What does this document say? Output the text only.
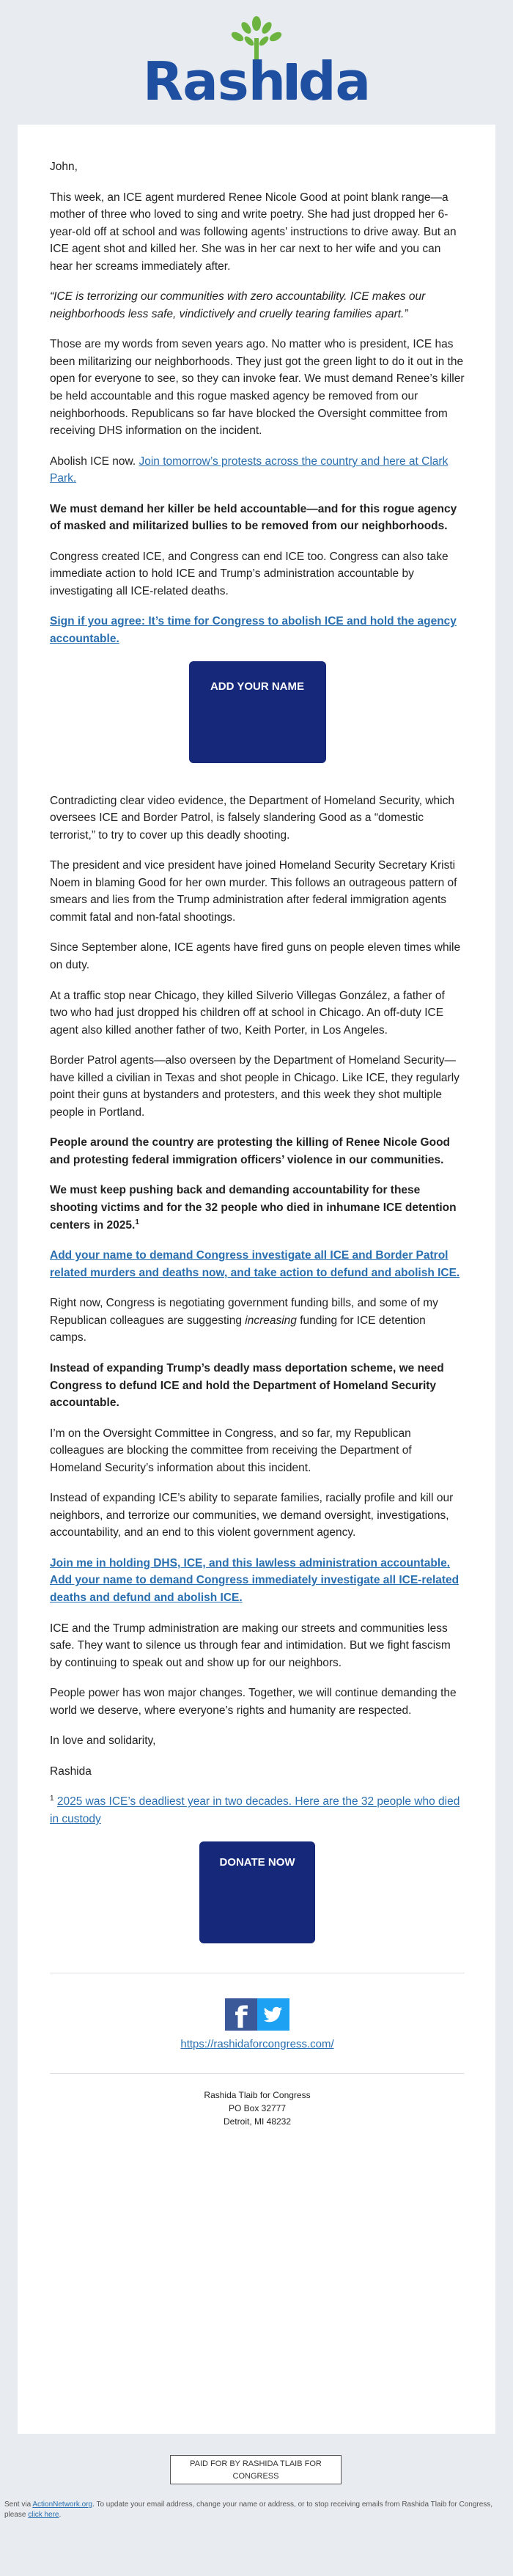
Rash da

John,

This week, an ICE agent murdered Renee Nicole Good at point blank range—a mother of three who loved to sing and write poetry. She had just dropped her 6-year-old off at school and was following agents' instructions to drive away. But an ICE agent shot and killed her. She was in her car next to her wife and you can hear her screams immediately after.

“ICE is terrorizing our communities with zero accountability. ICE makes our neighborhoods less safe, vindictively and cruelly tearing families apart.”

Those are my words from seven years ago. No matter who is president, ICE has been militarizing our neighborhoods. They just got the green light to do it out in the open for everyone to see, so they can invoke fear. We must demand Renee’s killer be held accountable and this rogue masked agency be removed from our neighborhoods. Republicans so far have blocked the Oversight committee from receiving DHS information on the incident.

Abolish ICE now. Join tomorrow’s protests across the country and here at Clark Park.

We must demand her killer be held accountable—and for this rogue agency of masked and militarized bullies to be removed from our neighborhoods.

Congress created ICE, and Congress can end ICE too. Congress can also take immediate action to hold ICE and Trump’s administration accountable by investigating all ICE-related deaths.

Sign if you agree: It’s time for Congress to abolish ICE and hold the agency accountable.

ADD YOUR NAME

Contradicting clear video evidence, the Department of Homeland Security, which oversees ICE and Border Patrol, is falsely slandering Good as a “domestic terrorist,” to try to cover up this deadly shooting.

The president and vice president have joined Homeland Security Secretary Kristi Noem in blaming Good for her own murder. This follows an outrageous pattern of smears and lies from the Trump administration after federal immigration agents commit fatal and non-fatal shootings.

Since September alone, ICE agents have fired guns on people eleven times while on duty.

At a traffic stop near Chicago, they killed Silverio Villegas González, a father of two who had just dropped his children off at school in Chicago. An off-duty ICE agent also killed another father of two, Keith Porter, in Los Angeles.

Border Patrol agents—also overseen by the Department of Homeland Security—have killed a civilian in Texas and shot people in Chicago. Like ICE, they regularly point their guns at bystanders and protesters, and this week they shot multiple people in Portland.

People around the country are protesting the killing of Renee Nicole Good and protesting federal immigration officers’ violence in our communities.

We must keep pushing back and demanding accountability for these shooting victims and for the 32 people who died in inhumane ICE detention centers in 2025.$^1$

Add your name to demand Congress investigate all ICE and Border Patrol related murders and deaths now, and take action to defund and abolish ICE.

Right now, Congress is negotiating government funding bills, and some of my Republican colleagues are suggesting increasing funding for ICE detention camps.

Instead of expanding Trump’s deadly mass deportation scheme, we need Congress to defund ICE and hold the Department of Homeland Security accountable.

I’m on the Oversight Committee in Congress, and so far, my Republican colleagues are blocking the committee from receiving the Department of Homeland Security’s information about this incident.

Instead of expanding ICE’s ability to separate families, racially profile and kill our neighbors, and terrorize our communities, we demand oversight, investigations, accountability, and an end to this violent government agency.

Join me in holding DHS, ICE, and this lawless administration accountable. Add your name to demand Congress immediately investigate all ICE-related deaths and defund and abolish ICE.

ICE and the Trump administration are making our streets and communities less safe. They want to silence us through fear and intimidation. But we fight fascism by continuing to speak out and show up for our neighbors.

People power has won major changes. Together, we will continue demanding the world we deserve, where everyone’s rights and humanity are respected.

In love and solidarity,

Rashida

$^1$ 2025 was ICE’s deadliest year in two decades. Here are the 32 people who died in custody

DONATE NOW
f
https://rashidaforcongress.com/
Rashida Tlaib for Congress
PO Box 32777
Detroit, MI 48232
PAID FOR BY RASHIDA TLAIB FOR CONGRESS
Sent via ActionNetwork.org. To update your email address, change your name or address, or to stop receiving emails from Rashida Tlaib for Congress, please click here.
